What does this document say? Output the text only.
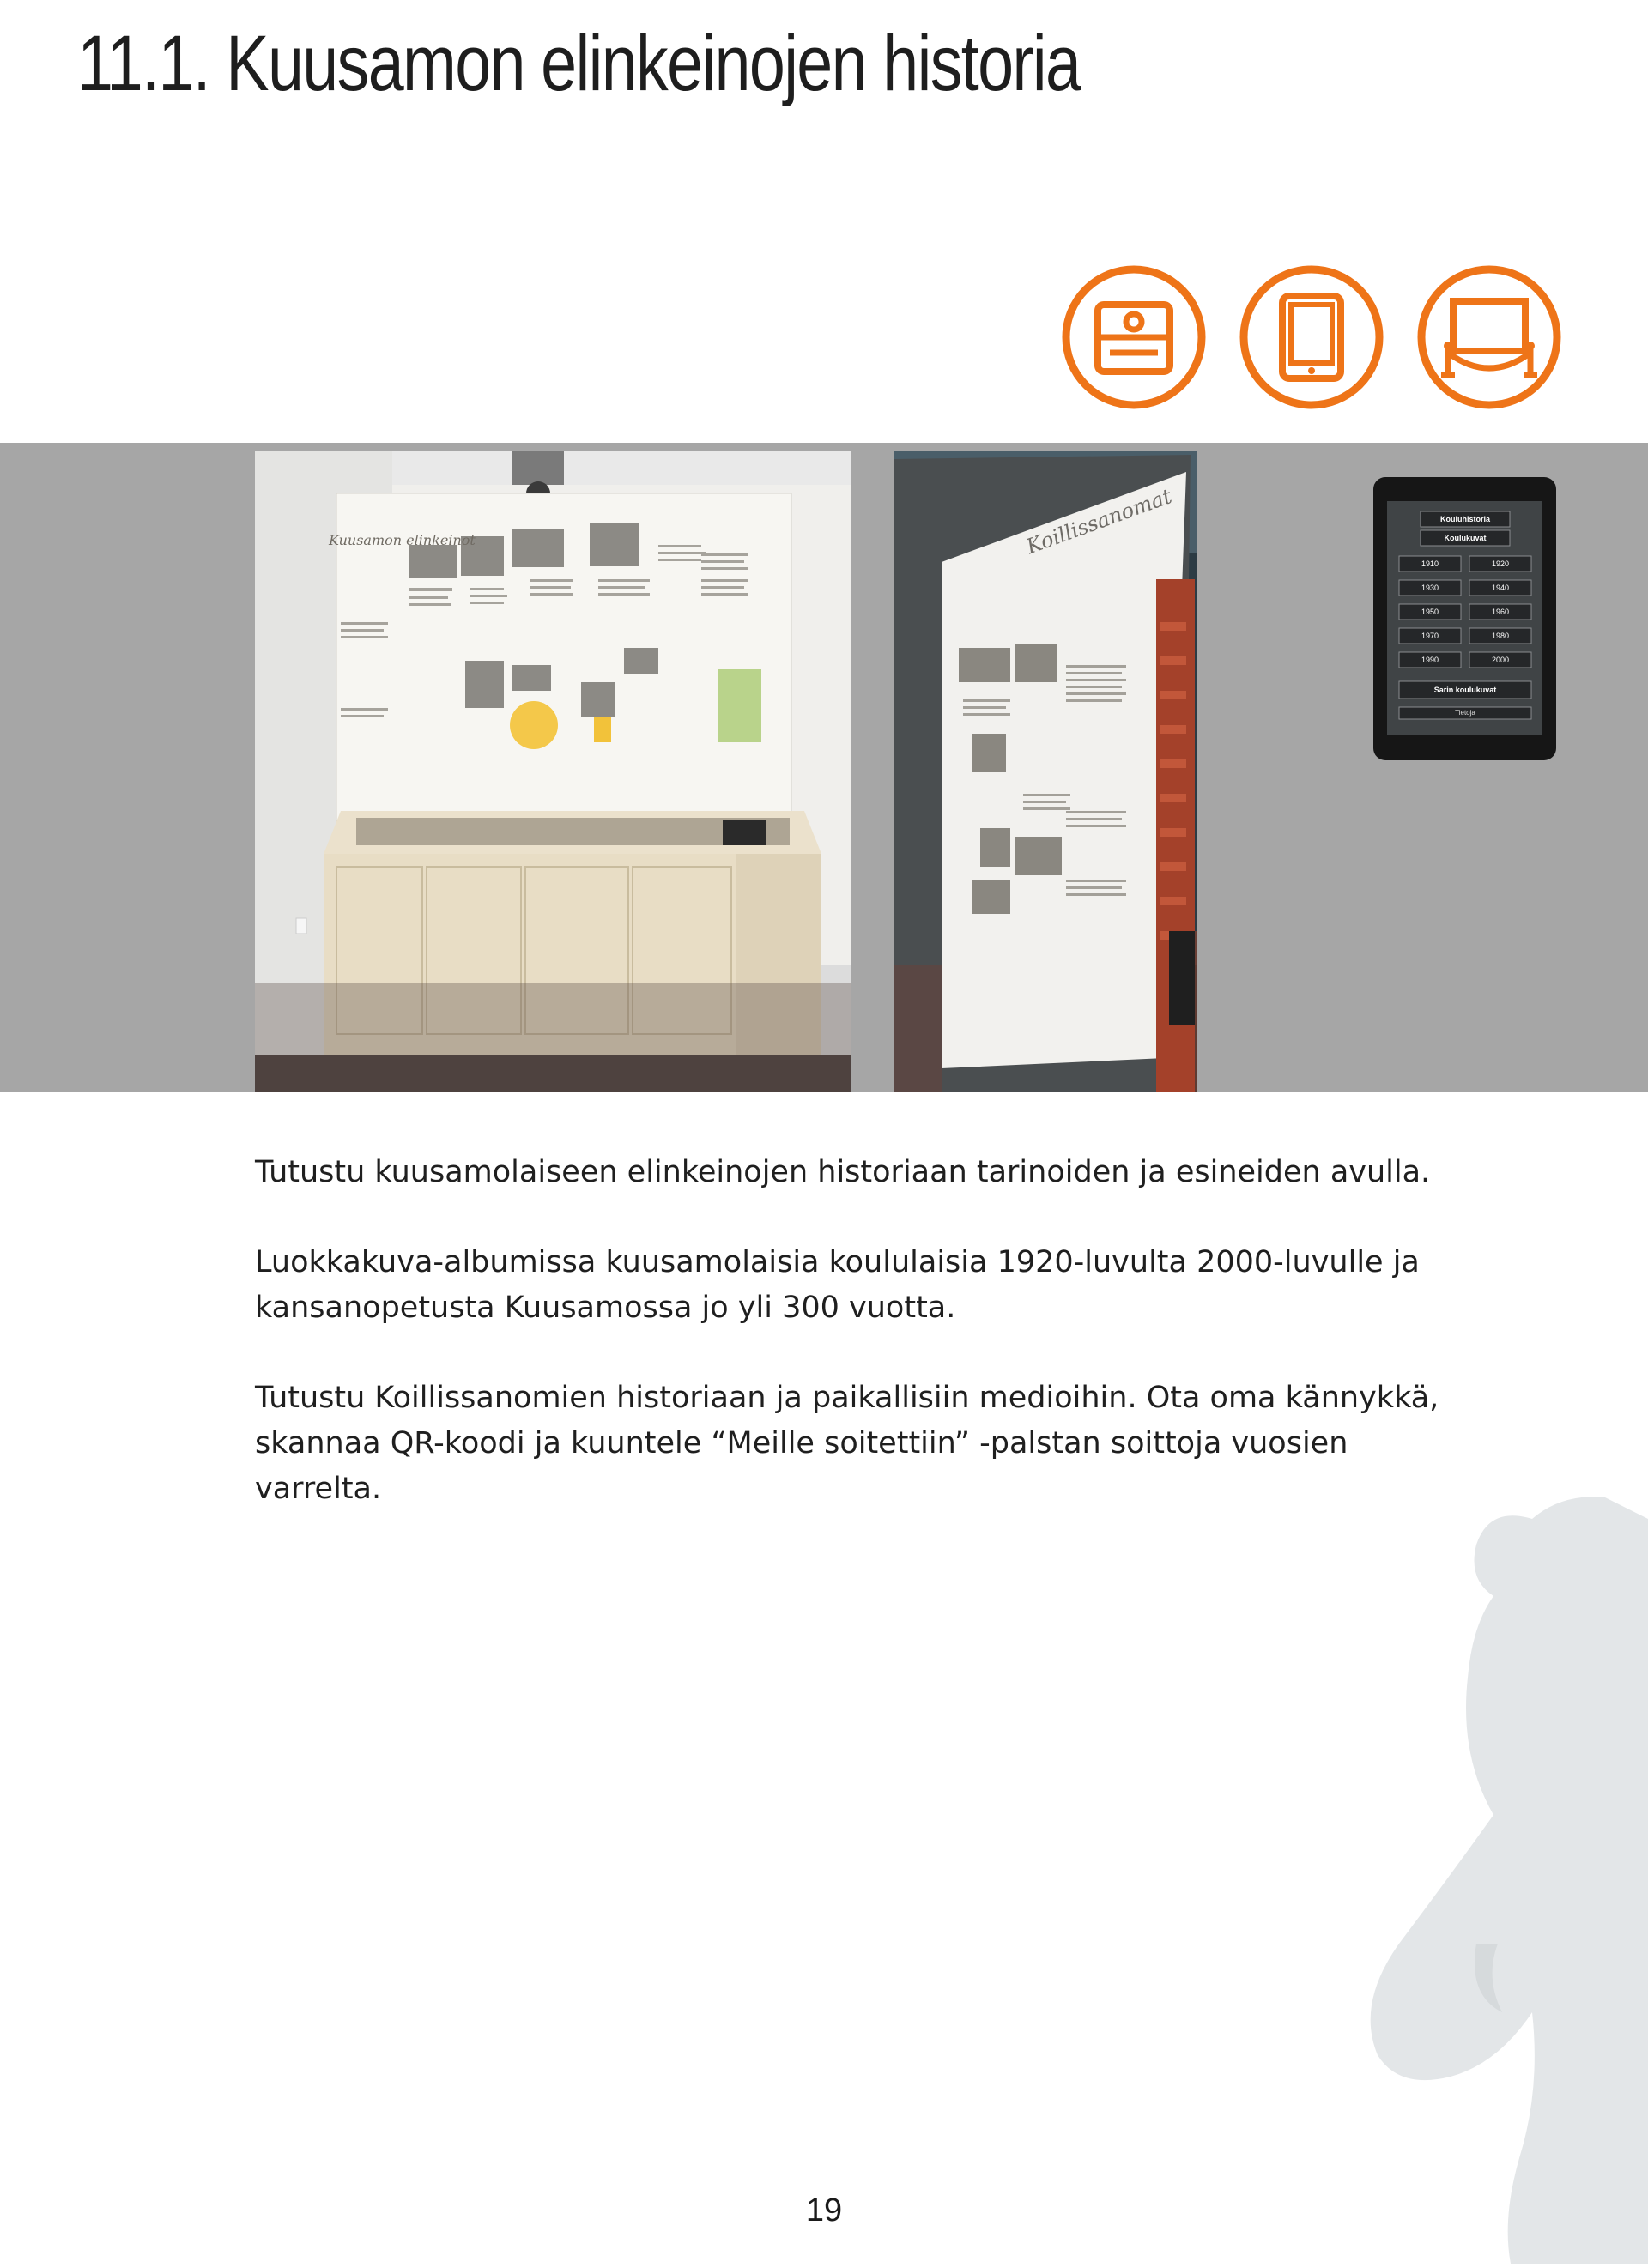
11.1. Kuusamon elinkeinojen historia
Kuusamon elinkeinot	Koillissanomat	Kouluhistoria
Koulukuvat
1910	1920
1930	1940
1950	1960
1970	1980
1990	2000
Sarin koulukuvat
Tietoja

Tutustu kuusamolaiseen elinkeinojen historiaan tarinoiden ja esineiden avulla.

Luokkakuva-albumissa kuusamolaisia koululaisia 1920-luvulta 2000-luvulle ja kansanopetusta Kuusamossa jo yli 300 vuotta.

Tutustu Koillissanomien historiaan ja paikallisiin medioihin. Ota oma kännykkä, skannaa QR-koodi ja kuuntele “Meille soitettiin” -palstan soittoja vuosien varrelta.

19
